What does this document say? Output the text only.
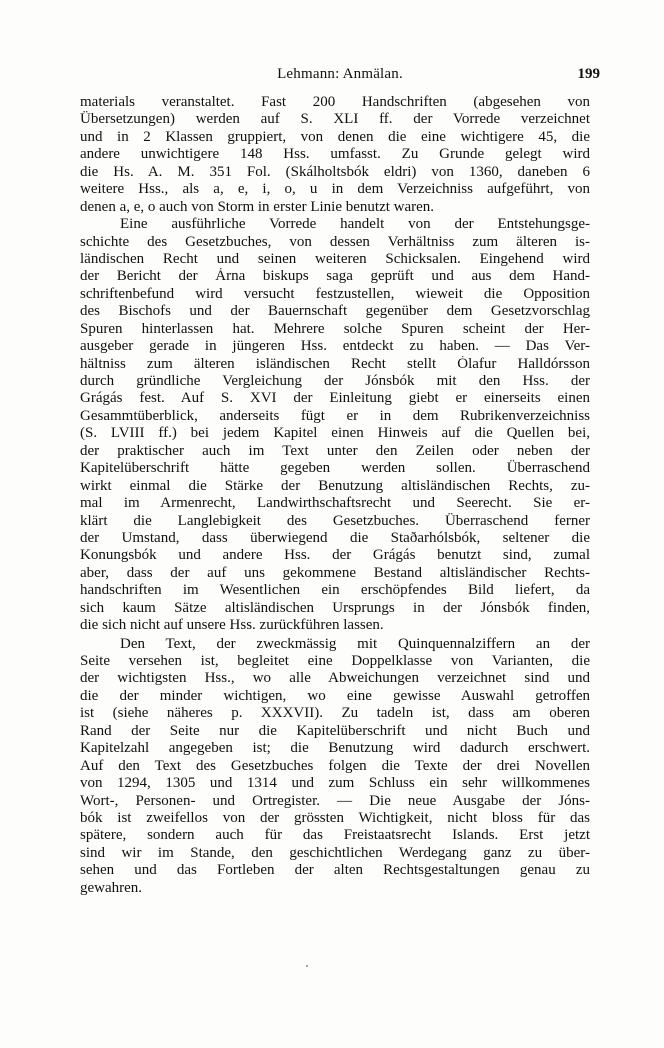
Lehmann: Anmälan.	199
materials veranstaltet. Fast 200 Handschriften (abgesehen von
Übersetzungen) werden auf S. XLI ff. der Vorrede verzeichnet
und in 2 Klassen gruppiert, von denen die eine wichtigere 45, die
andere unwichtigere 148 Hss. umfasst. Zu Grunde gelegt wird
die Hs. A. M. 351 Fol. (Skálholtsbók eldri) von 1360, daneben 6
weitere Hss., als a, e, i, o, u in dem Verzeichniss aufgeführt, von
denen a, e, o auch von Storm in erster Linie benutzt waren.
Eine ausführliche Vorrede handelt von der Entstehungsge-
schichte des Gesetzbuches, von dessen Verhältniss zum älteren is-
ländischen Recht und seinen weiteren Schicksalen. Eingehend wird
der Bericht der Árna biskups saga geprüft und aus dem Hand-
schriftenbefund wird versucht festzustellen, wieweit die Opposition
des Bischofs und der Bauernschaft gegenüber dem Gesetzvorschlag
Spuren hinterlassen hat. Mehrere solche Spuren scheint der Her-
ausgeber gerade in jüngeren Hss. entdeckt zu haben. — Das Ver-
hältniss zum älteren isländischen Recht stellt Ólafur Halldórsson
durch gründliche Vergleichung der Jónsbók mit den Hss. der
Grágás fest. Auf S. XVI der Einleitung giebt er einerseits einen
Gesammtüberblick, anderseits fügt er in dem Rubrikenverzeichniss
(S. LVIII ff.) bei jedem Kapitel einen Hinweis auf die Quellen bei,
der praktischer auch im Text unter den Zeilen oder neben der
Kapitelüberschrift hätte gegeben werden sollen. Überraschend
wirkt einmal die Stärke der Benutzung altisländischen Rechts, zu-
mal im Armenrecht, Landwirthschaftsrecht und Seerecht. Sie er-
klärt die Langlebigkeit des Gesetzbuches. Überraschend ferner
der Umstand, dass überwiegend die Staðarhólsbók, seltener die
Konungsbók und andere Hss. der Grágás benutzt sind, zumal
aber, dass der auf uns gekommene Bestand altisländischer Rechts-
handschriften im Wesentlichen ein erschöpfendes Bild liefert, da
sich kaum Sätze altisländischen Ursprungs in der Jónsbók finden,
die sich nicht auf unsere Hss. zurückführen lassen.
Den Text, der zweckmässig mit Quinquennalziffern an der
Seite versehen ist, begleitet eine Doppelklasse von Varianten, die
der wichtigsten Hss., wo alle Abweichungen verzeichnet sind und
die der minder wichtigen, wo eine gewisse Auswahl getroffen
ist (siehe näheres p. XXXVII). Zu tadeln ist, dass am oberen
Rand der Seite nur die Kapitelüberschrift und nicht Buch und
Kapitelzahl angegeben ist; die Benutzung wird dadurch erschwert.
Auf den Text des Gesetzbuches folgen die Texte der drei Novellen
von 1294, 1305 und 1314 und zum Schluss ein sehr willkommenes
Wort-, Personen- und Ortregister. — Die neue Ausgabe der Jóns-
bók ist zweifellos von der grössten Wichtigkeit, nicht bloss für das
spätere, sondern auch für das Freistaatsrecht Islands. Erst jetzt
sind wir im Stande, den geschichtlichen Werdegang ganz zu über-
sehen und das Fortleben der alten Rechtsgestaltungen genau zu
gewahren.
